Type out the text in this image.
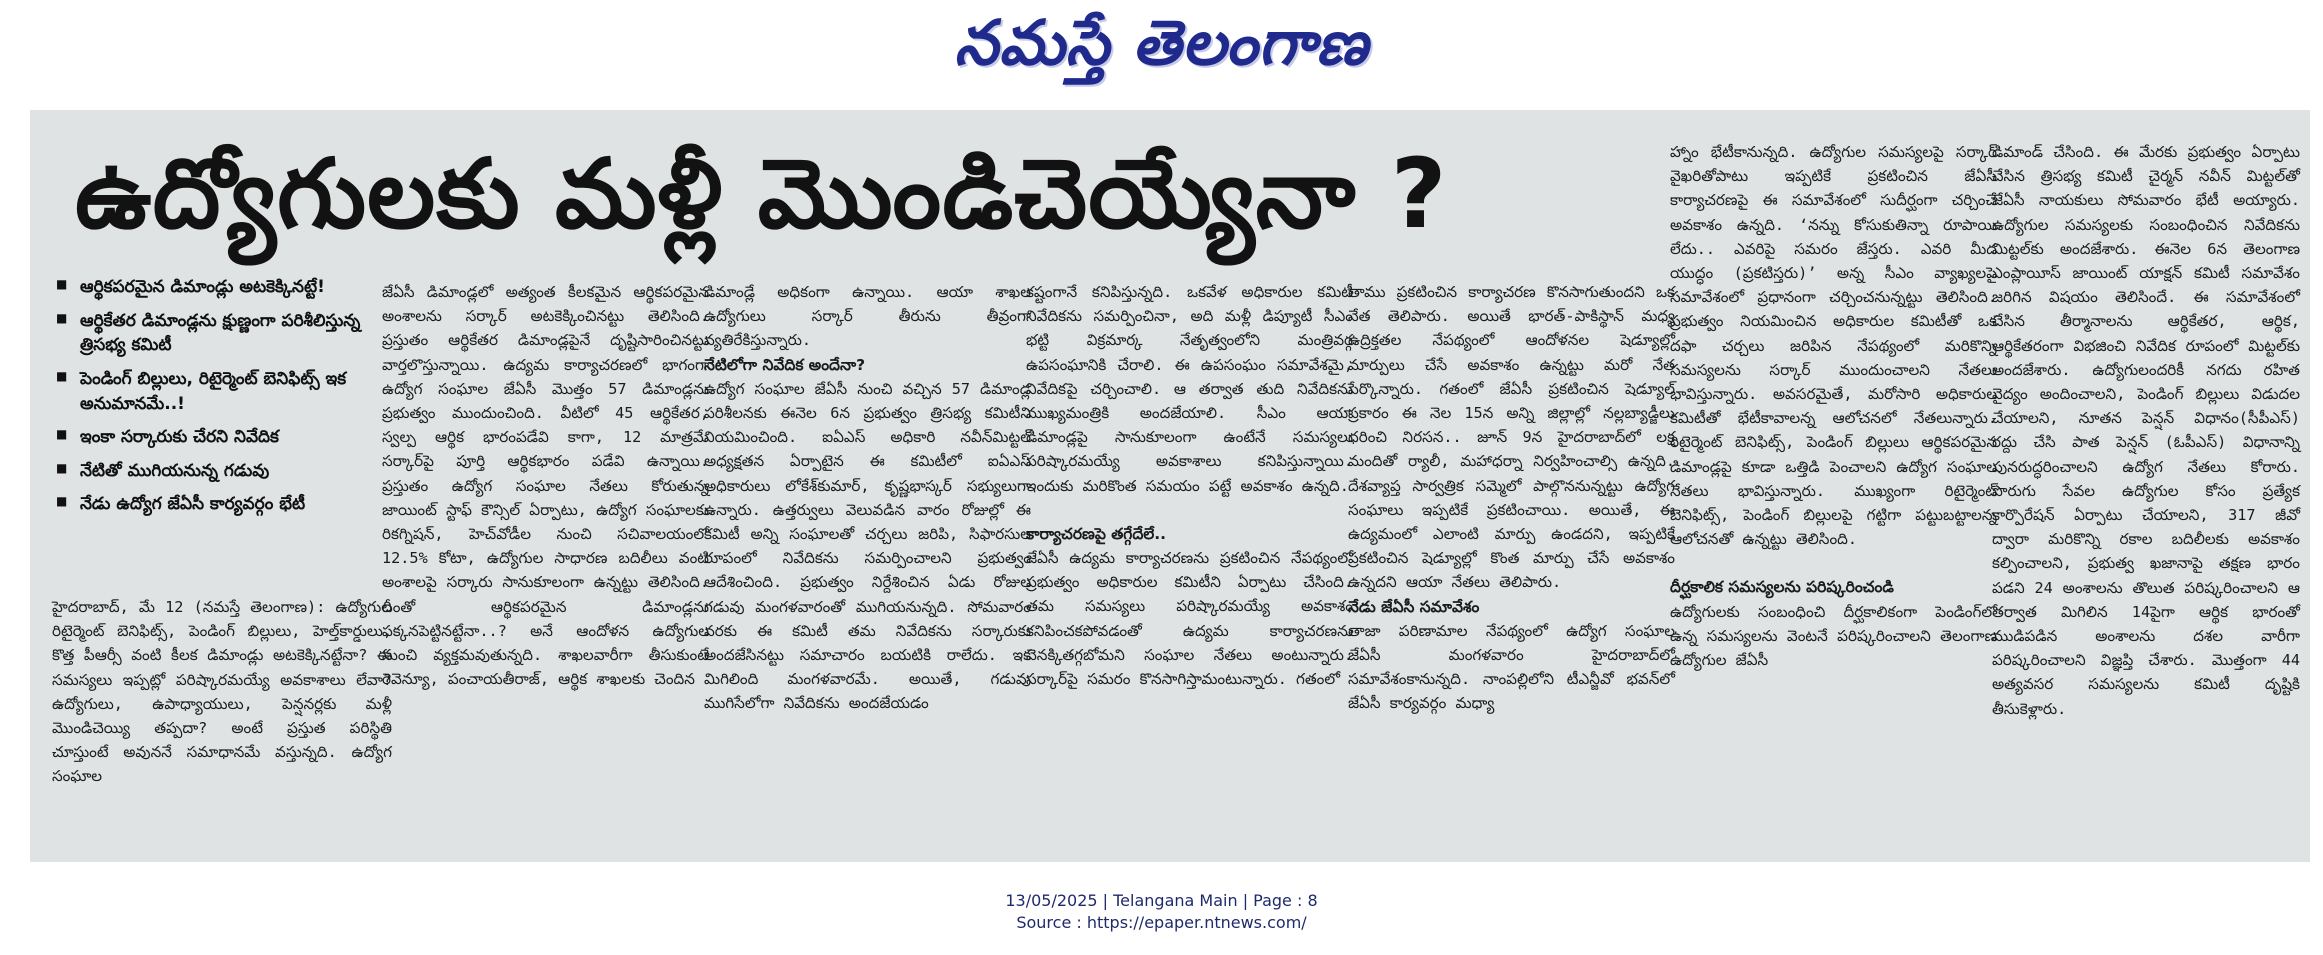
నమస్తే తెలంగాణ
ఉద్యోగులకు మళ్లీ మొండిచెయ్యేనా ?
■ ఆర్థికపరమైన డిమాండ్లు అటకెక్కినట్టే!
■ ఆర్థికేతర డిమాండ్లను క్షుణ్ణంగా పరిశీలిస్తున్న త్రిసభ్య కమిటీ
■ పెండింగ్ బిల్లులు, రిటైర్మెంట్ బెనిఫిట్స్ ఇక అనుమానమే..!
■ ఇంకా సర్కారుకు చేరని నివేదిక
■ నేటితో ముగియనున్న గడువు
■ నేడు ఉద్యోగ జేఏసీ కార్యవర్గం భేటీ

హైదరాబాద్, మే 12 (నమస్తే తెలంగాణ): ఉద్యోగుల రిటైర్మెంట్ బెనిఫిట్స్, పెండింగ్ బిల్లులు, హెల్త్‌కార్డులు, కొత్త పీఆర్సీ వంటి కీలక డిమాండ్లు అటకెక్కినట్టేనా? ఈ సమస్యలు ఇప్పట్లో పరిష్కారమయ్యే అవకాశాలు లేవా? ఉద్యోగులు, ఉపాధ్యాయులు, పెన్షనర్లకు మళ్లీ మొండిచెయ్యి తప్పదా? అంటే ప్రస్తుత పరిస్థితి చూస్తుంటే అవుననే సమాధానమే వస్తున్నది. ఉద్యోగ సంఘాల

జేఏసీ డిమాండ్లలో అత్యంత కీలకమైన ఆర్థికపరమైన అంశాలను సర్కార్ అటకెక్కించినట్టు తెలిసింది. ప్రస్తుతం ఆర్థికేతర డిమాండ్లపైనే దృష్టిసారించినట్టు వార్తలొస్తున్నాయి. ఉద్యమ కార్యాచరణలో భాగంగా ఉద్యోగ సంఘాల జేఏసీ మొత్తం 57 డిమాండ్లను ప్రభుత్వం ముందుంచింది. వీటిలో 45 ఆర్థికేతర, స్వల్ప ఆర్థిక భారంపడేవి కాగా, 12 మాత్రమే సర్కార్‌పై పూర్తి ఆర్థికభారం పడేవి ఉన్నాయి. ప్రస్తుతం ఉద్యోగ సంఘాల నేతలు కోరుతున్న జాయింట్ స్టాఫ్ కౌన్సిల్ ఏర్పాటు, ఉద్యోగ సంఘాలకు రికగ్నిషన్, హెచ్‌వోడీల నుంచి సచివాలయంలో 12.5% కోటా, ఉద్యోగుల సాధారణ బదిలీలు వంటి అంశాలపై సర్కారు సానుకూలంగా ఉన్నట్టు తెలిసింది. దీంతో ఆర్థికపరమైన డిమాండ్లను పక్కనపెట్టినట్టేనా..? అనే ఆందోళన ఉద్యోగుల నుంచి వ్యక్తమవుతున్నది. శాఖలవారీగా తీసుకుంటే రెవెన్యూ, పంచాయతీరాజ్, ఆర్థిక శాఖలకు చెందిన

డిమాండ్లే అధికంగా ఉన్నాయి. ఆయా శాఖల ఉద్యోగులు సర్కార్ తీరును తీవ్రంగా వ్యతిరేకిస్తున్నారు.

నేటిలోగా నివేదిక అందేనా?

ఉద్యోగ సంఘాల జేఏసీ నుంచి వచ్చిన 57 డిమాండ్ల పరిశీలనకు ఈనెల 6న ప్రభుత్వం త్రిసభ్య కమిటీని నియమించింది. ఐఏఎస్ అధికారి నవీన్‌మిట్టల్ అధ్యక్షతన ఏర్పాటైన ఈ కమిటీలో ఐఏఎస్ అధికారులు లోకేశ్‌కుమార్, కృష్ణభాస్కర్ సభ్యులుగా ఉన్నారు. ఉత్తర్వులు వెలువడిన వారం రోజుల్లో ఈ కమిటీ అన్ని సంఘాలతో చర్చలు జరిపి, సిఫారసుల రూపంలో నివేదికను సమర్పించాలని ప్రభుత్వం ఆదేశించింది. ప్రభుత్వం నిర్దేశించిన ఏడు రోజుల గడువు మంగళవారంతో ముగియనున్నది. సోమవారం వరకు ఈ కమిటీ తమ నివేదికను సర్కారుకు అందజేసినట్టు సమాచారం బయటికి రాలేదు. ఇక మిగిలింది మంగళవారమే. అయితే, గడువు ముగిసేలోగా నివేదికను అందజేయడం

కష్టంగానే కనిపిస్తున్నది. ఒకవేళ అధికారుల కమిటీ నివేదికను సమర్పించినా, అది మళ్లీ డిప్యూటీ సీఎం భట్టి విక్రమార్క నేతృత్వంలోని మంత్రివర్గ ఉపసంఘానికి చేరాలి. ఈ ఉపసంఘం సమావేశమై, నివేదికపై చర్చించాలి. ఆ తర్వాత తుది నివేదికను ముఖ్యమంత్రికి అందజేయాలి. సీఎం ఆయా డిమాండ్లపై సానుకూలంగా ఉంటేనే సమస్యలు పరిష్కారమయ్యే అవకాశాలు కనిపిస్తున్నాయి. ఇందుకు మరికొంత సమయం పట్టే అవకాశం ఉన్నది.

కార్యాచరణపై తగ్గేదేలే..

జేఏసీ ఉద్యమ కార్యాచరణను ప్రకటించిన నేపథ్యంలో ప్రభుత్వం అధికారుల కమిటీని ఏర్పాటు చేసింది. తమ సమస్యలు పరిష్కారమయ్యే అవకాశం కనిపించకపోవడంతో ఉద్యమ కార్యాచరణను వెనక్కితగ్గబోమని సంఘాల నేతలు అంటున్నారు. సర్కార్‌పై సమరం కొనసాగిస్తామంటున్నారు. గతంలో

తాము ప్రకటించిన కార్యాచరణ కొనసాగుతుందని ఒక నేత తెలిపారు. అయితే భారత్-పాకిస్థాన్ మధ్య ఉద్రిక్తతల నేపథ్యంలో ఆందోళనల షెడ్యూల్లో మార్పులు చేసే అవకాశం ఉన్నట్టు మరో నేత పేర్కొన్నారు. గతంలో జేఏసీ ప్రకటించిన షెడ్యూల్ ప్రకారం ఈ నెల 15న అన్ని జిల్లాల్లో నల్లబ్యాడ్జీలు ధరించి నిరసన.. జూన్ 9న హైదరాబాద్‌లో లక్ష మందితో ర్యాలీ, మహాధర్నా నిర్వహించాల్సి ఉన్నది. దేశవ్యాప్త సార్వత్రిక సమ్మెలో పాల్గొననున్నట్టు ఉద్యోగ సంఘాలు ఇప్పటికే ప్రకటించాయి. అయితే, ఈ ఉద్యమంలో ఎలాంటి మార్పు ఉండదని, ఇప్పటికే ప్రకటించిన షెడ్యూల్లో కొంత మార్పు చేసే అవకాశం ఉన్నదని ఆయా నేతలు తెలిపారు.

నేడు జేఏసీ సమావేశం

తాజా పరిణామాల నేపథ్యంలో ఉద్యోగ సంఘాల జేఏసీ మంగళవారం హైదరాబాద్‌లో సమావేశంకానున్నది. నాంపల్లిలోని టీఎన్జీవో భవన్‌లో జేఏసీ కార్యవర్గం మధ్యా

హ్నాం భేటీకానున్నది. ఉద్యోగుల సమస్యలపై సర్కార్ వైఖరితోపాటు ఇప్పటికే ప్రకటించిన జేఏసీ కార్యాచరణపై ఈ సమావేశంలో సుదీర్ఘంగా చర్చించే అవకాశం ఉన్నది. ‘నన్ను కోసుకుతిన్నా రూపాయి లేదు.. ఎవరిపై సమరం జేస్తరు. ఎవరి మీద యుద్ధం (ప్రకటిస్తరు)’ అన్న సీఎం వ్యాఖ్యలపై సమావేశంలో ప్రధానంగా చర్చించనున్నట్టు తెలిసింది. ప్రభుత్వం నియమించిన అధికారుల కమిటీతో ఒక దఫా చర్చలు జరిపిన నేపథ్యంలో మరికొన్ని సమస్యలను సర్కార్ ముందుంచాలని నేతలు భావిస్తున్నారు. అవసరమైతే, మరోసారి అధికారుల కమిటీతో భేటీకావాలన్న ఆలోచనలో నేతలున్నారు. రిటైర్మెంట్ బెనిఫిట్స్, పెండింగ్ బిల్లులు ఆర్థికపరమైన డిమాండ్లపై కూడా ఒత్తిడి పెంచాలని ఉద్యోగ సంఘాల నేతలు భావిస్తున్నారు. ముఖ్యంగా రిటైర్మెంట్ బెనిఫిట్స్, పెండింగ్ బిల్లులపై గట్టిగా పట్టుబట్టాలన్న ఆలోచనతో ఉన్నట్టు తెలిసింది.

దీర్ఘకాలిక సమస్యలను పరిష్కరించండి

ఉద్యోగులకు సంబంధించి దీర్ఘకాలికంగా పెండింగ్‌లో ఉన్న సమస్యలను వెంటనే పరిష్కరించాలని తెలంగాణ ఉద్యోగుల జేఏసీ

డిమాండ్ చేసింది. ఈ మేరకు ప్రభుత్వం ఏర్పాటు చేసిన త్రిసభ్య కమిటీ చైర్మన్ నవీన్ మిట్టల్‌తో జేఏసీ నాయకులు సోమవారం భేటీ అయ్యారు. ఉద్యోగుల సమస్యలకు సంబంధించిన నివేదికను మిట్టల్‌కు అందజేశారు. ఈనెల 6న తెలంగాణ ఎంప్లాయీస్ జాయింట్ యాక్షన్ కమిటీ సమావేశం జరిగిన విషయం తెలిసిందే. ఈ సమావేశంలో చేసిన తీర్మానాలను ఆర్థికేతర, ఆర్థిక, ఆర్థికేతరంగా విభజించి నివేదిక రూపంలో మిట్టల్‌కు అందజేశారు. ఉద్యోగులందరికీ నగదు రహిత వైద్యం అందించాలని, పెండింగ్ బిల్లులు విడుదల చేయాలని, నూతన పెన్షన్ విధానం(సీపీఎస్) రద్దు చేసి పాత పెన్షన్ (ఓపీఎస్) విధానాన్ని పునరుద్ధరించాలని ఉద్యోగ నేతలు కోరారు. పొరుగు సేవల ఉద్యోగుల కోసం ప్రత్యేక కార్పొరేషన్ ఏర్పాటు చేయాలని, 317 జీవో ద్వారా మరికొన్ని రకాల బదిలీలకు అవకాశం కల్పించాలని, ప్రభుత్వ ఖజానాపై తక్షణ భారం పడని 24 అంశాలను తొలుత పరిష్కరించాలని ఆ తర్వాత మిగిలిన 14పైగా ఆర్థిక భారంతో ముడిపడిన అంశాలను దశల వారీగా పరిష్కరించాలని విజ్ఞప్తి చేశారు. మొత్తంగా 44 అత్యవసర సమస్యలను కమిటీ దృష్టికి తీసుకెళ్లారు.

13/05/2025 | Telangana Main | Page : 8
Source : https://epaper.ntnews.com/
